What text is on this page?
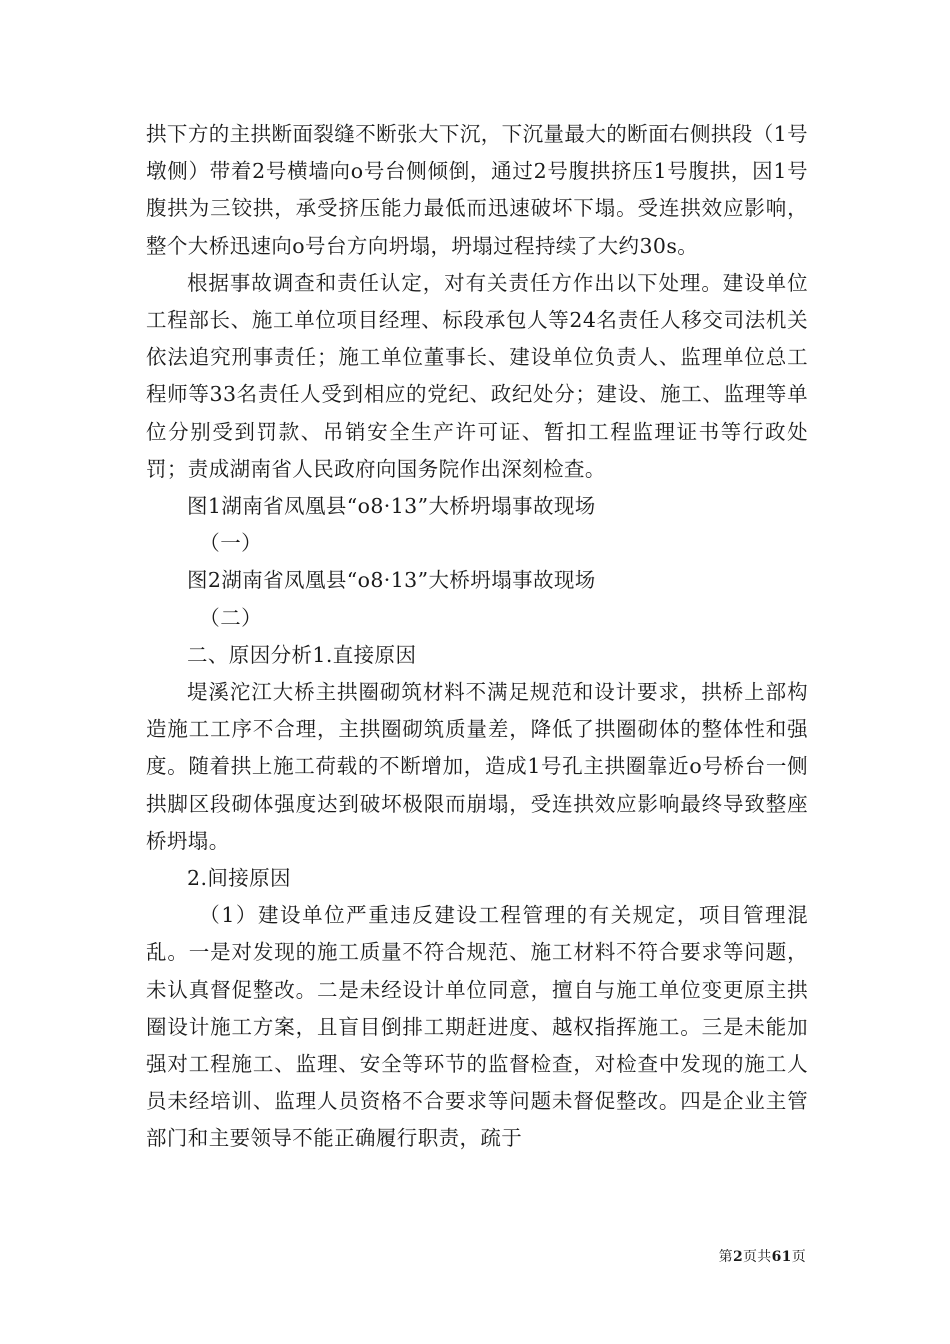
拱下方的主拱断面裂缝不断张大下沉，下沉量最大的断面右侧拱段（1号墩侧）带着2号横墙向o号台侧倾倒，通过2号腹拱挤压1号腹拱，因1号腹拱为三铰拱，承受挤压能力最低而迅速破坏下塌。受连拱效应影响，整个大桥迅速向o号台方向坍塌，坍塌过程持续了大约30s。

根据事故调查和责任认定，对有关责任方作出以下处理。建设单位工程部长、施工单位项目经理、标段承包人等24名责任人移交司法机关依法追究刑事责任；施工单位董事长、建设单位负责人、监理单位总工程师等33名责任人受到相应的党纪、政纪处分；建设、施工、监理等单位分别受到罚款、吊销安全生产许可证、暂扣工程监理证书等行政处罚；责成湖南省人民政府向国务院作出深刻检查。

图1湖南省凤凰县“o8·13”大桥坍塌事故现场

（一）

图2湖南省凤凰县“o8·13”大桥坍塌事故现场

（二）

二、原因分析1.直接原因

堤溪沱江大桥主拱圈砌筑材料不满足规范和设计要求，拱桥上部构造施工工序不合理，主拱圈砌筑质量差，降低了拱圈砌体的整体性和强度。随着拱上施工荷载的不断增加，造成1号孔主拱圈靠近o号桥台一侧拱脚区段砌体强度达到破坏极限而崩塌，受连拱效应影响最终导致整座桥坍塌。

2.间接原因

（1）建设单位严重违反建设工程管理的有关规定，项目管理混乱。一是对发现的施工质量不符合规范、施工材料不符合要求等问题，未认真督促整改。二是未经设计单位同意，擅自与施工单位变更原主拱圈设计施工方案，且盲目倒排工期赶进度、越权指挥施工。三是未能加强对工程施工、监理、安全等环节的监督检查，对检查中发现的施工人员未经培训、监理人员资格不合要求等问题未督促整改。四是企业主管部门和主要领导不能正确履行职责，疏于

第2页共61页
